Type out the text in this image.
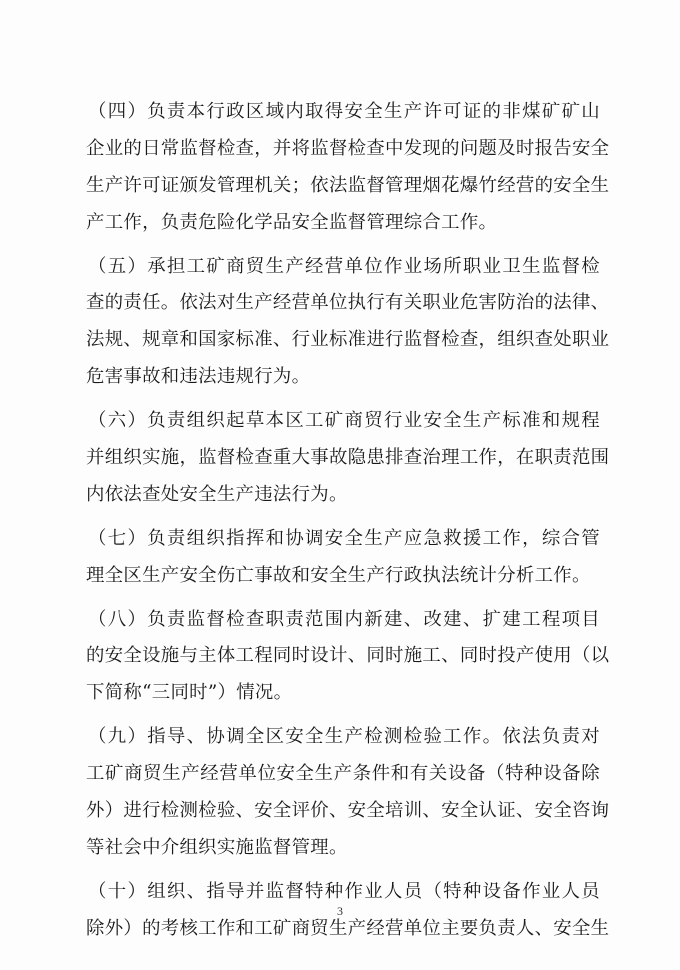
（四）负责本行政区域内取得安全生产许可证的非煤矿矿山
企业的日常监督检查，并将监督检查中发现的问题及时报告安全
生产许可证颁发管理机关；依法监督管理烟花爆竹经营的安全生
产工作，负责危险化学品安全监督管理综合工作。
（五）承担工矿商贸生产经营单位作业场所职业卫生监督检
查的责任。依法对生产经营单位执行有关职业危害防治的法律、
法规、规章和国家标准、行业标准进行监督检查，组织查处职业
危害事故和违法违规行为。
（六）负责组织起草本区工矿商贸行业安全生产标准和规程
并组织实施，监督检查重大事故隐患排查治理工作，在职责范围
内依法查处安全生产违法行为。
（七）负责组织指挥和协调安全生产应急救援工作，综合管
理全区生产安全伤亡事故和安全生产行政执法统计分析工作。
（八）负责监督检查职责范围内新建、改建、扩建工程项目
的安全设施与主体工程同时设计、同时施工、同时投产使用（以
下简称“三同时”）情况。
（九）指导、协调全区安全生产检测检验工作。依法负责对
工矿商贸生产经营单位安全生产条件和有关设备（特种设备除
外）进行检测检验、安全评价、安全培训、安全认证、安全咨询
等社会中介组织实施监督管理。
（十）组织、指导并监督特种作业人员（特种设备作业人员
除外）的考核工作和工矿商贸生产经营单位主要负责人、安全生
3
